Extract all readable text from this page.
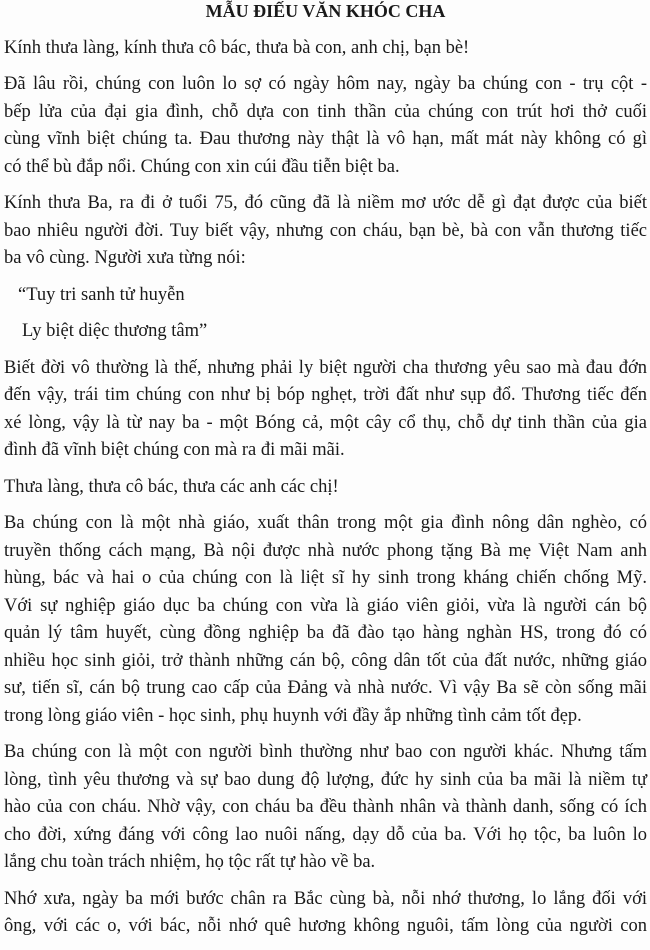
MẪU ĐIẾU VĂN KHÓC CHA
Kính thưa làng, kính thưa cô bác, thưa bà con, anh chị, bạn bè!
Đã lâu rồi, chúng con luôn lo sợ có ngày hôm nay, ngày ba chúng con - trụ cột -
bếp lửa của đại gia đình, chỗ dựa con tinh thần của chúng con trút hơi thở cuối
cùng vĩnh biệt chúng ta. Đau thương này thật là vô hạn, mất mát này không có gì
có thể bù đắp nổi. Chúng con xin cúi đầu tiễn biệt ba.
Kính thưa Ba, ra đi ở tuổi 75, đó cũng đã là niềm mơ ước dễ gì đạt được của biết
bao nhiêu người đời. Tuy biết vậy, nhưng con cháu, bạn bè, bà con vẫn thương tiếc
ba vô cùng. Người xưa từng nói:
“Tuy tri sanh tử huyễn
Ly biệt diệc thương tâm”
Biết đời vô thường là thế, nhưng phải ly biệt người cha thương yêu sao mà đau đớn
đến vậy, trái tim chúng con như bị bóp nghẹt, trời đất như sụp đổ. Thương tiếc đến
xé lòng, vậy là từ nay ba - một Bóng cả, một cây cổ thụ, chỗ dự tinh thần của gia
đình đã vĩnh biệt chúng con mà ra đi mãi mãi.
Thưa làng, thưa cô bác, thưa các anh các chị!
Ba chúng con là một nhà giáo, xuất thân trong một gia đình nông dân nghèo, có
truyền thống cách mạng, Bà nội được nhà nước phong tặng Bà mẹ Việt Nam anh
hùng, bác và hai o của chúng con là liệt sĩ hy sinh trong kháng chiến chống Mỹ.
Với sự nghiệp giáo dục ba chúng con vừa là giáo viên giỏi, vừa là người cán bộ
quản lý tâm huyết, cùng đồng nghiệp ba đã đào tạo hàng nghàn HS, trong đó có
nhiều học sinh giỏi, trở thành những cán bộ, công dân tốt của đất nước, những giáo
sư, tiến sĩ, cán bộ trung cao cấp của Đảng và nhà nước. Vì vậy Ba sẽ còn sống mãi
trong lòng giáo viên - học sinh, phụ huynh với đầy ắp những tình cảm tốt đẹp.
Ba chúng con là một con người bình thường như bao con người khác. Nhưng tấm
lòng, tình yêu thương và sự bao dung độ lượng, đức hy sinh của ba mãi là niềm tự
hào của con cháu. Nhờ vậy, con cháu ba đều thành nhân và thành danh, sống có ích
cho đời, xứng đáng với công lao nuôi nấng, dạy dỗ của ba. Với họ tộc, ba luôn lo
lắng chu toàn trách nhiệm, họ tộc rất tự hào về ba.
Nhớ xưa, ngày ba mới bước chân ra Bắc cùng bà, nỗi nhớ thương, lo lắng đối với
ông, với các o, với bác, nỗi nhớ quê hương không nguôi, tấm lòng của người con
